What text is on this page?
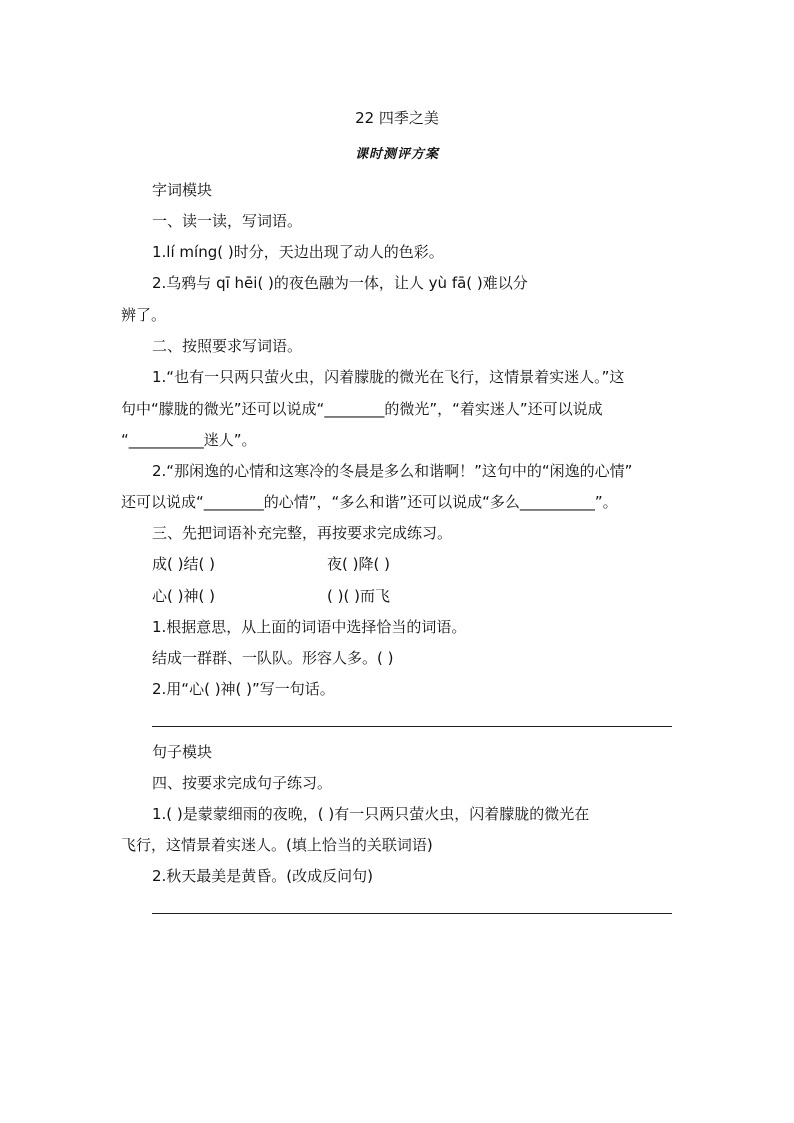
22 四季之美
课时测评方案
字词模块
一、读一读，写词语。
1.lí míng( )时分，天边出现了动人的色彩。
2.乌鸦与 qī hēi( )的夜色融为一体，让人 yù fā( )难以分
辨了。
二、按照要求写词语。
1.“也有一只两只萤火虫，闪着朦胧的微光在飞行，这情景着实迷人。”这
句中“朦胧的微光”还可以说成“________的微光”，“着实迷人”还可以说成
“__________迷人”。
2.“那闲逸的心情和这寒冷的冬晨是多么和谐啊！”这句中的“闲逸的心情”
还可以说成“________的心情”，“多么和谐”还可以说成“多么__________”。
三、先把词语补充完整，再按要求完成练习。
成( )结( )	夜( )降( )
心( )神( )	( )( )而飞
1.根据意思，从上面的词语中选择恰当的词语。
结成一群群、一队队。形容人多。( )
2.用“心( )神( )”写一句话。
句子模块
四、按要求完成句子练习。
1.( )是蒙蒙细雨的夜晚，( )有一只两只萤火虫，闪着朦胧的微光在
飞行，这情景着实迷人。(填上恰当的关联词语)
2.秋天最美是黄昏。(改成反问句)
